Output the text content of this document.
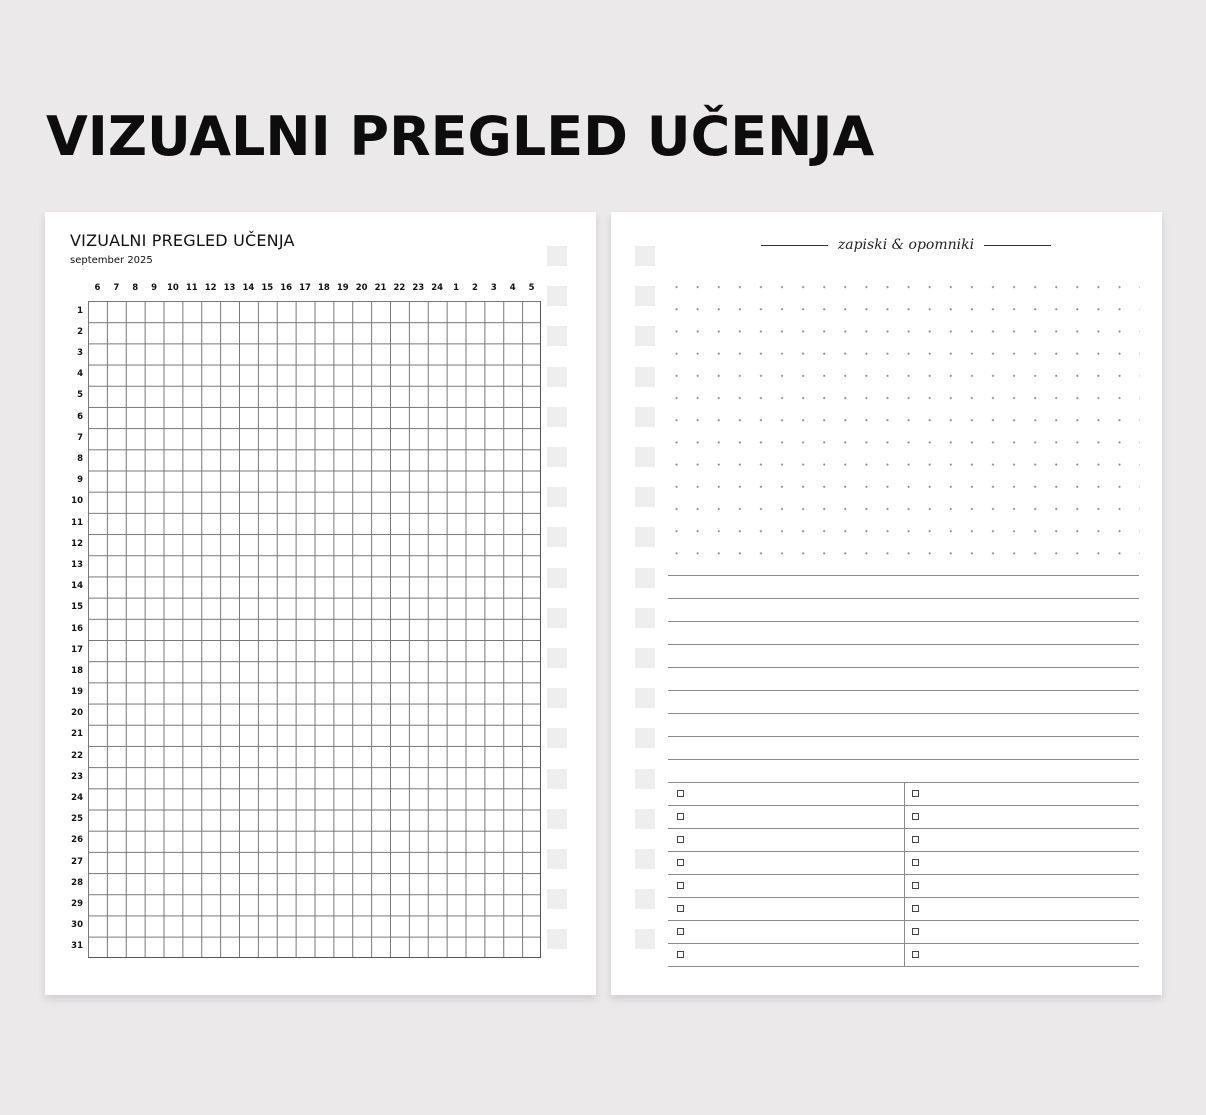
VIZUALNI PREGLED UČENJA
VIZUALNI PREGLED UČENJA

september 2025

6	7	8	9	10 11 12 13 14 15 16 17 18 19 20 21 22 23 24	1	2	3	4	5
1
2
3
4
5
6
7
8
9
10
11
12
13
14
15
16
17
18
19
20
21
22
23
24
25
26
27
28
29
30
31
zapiski & opomniki
